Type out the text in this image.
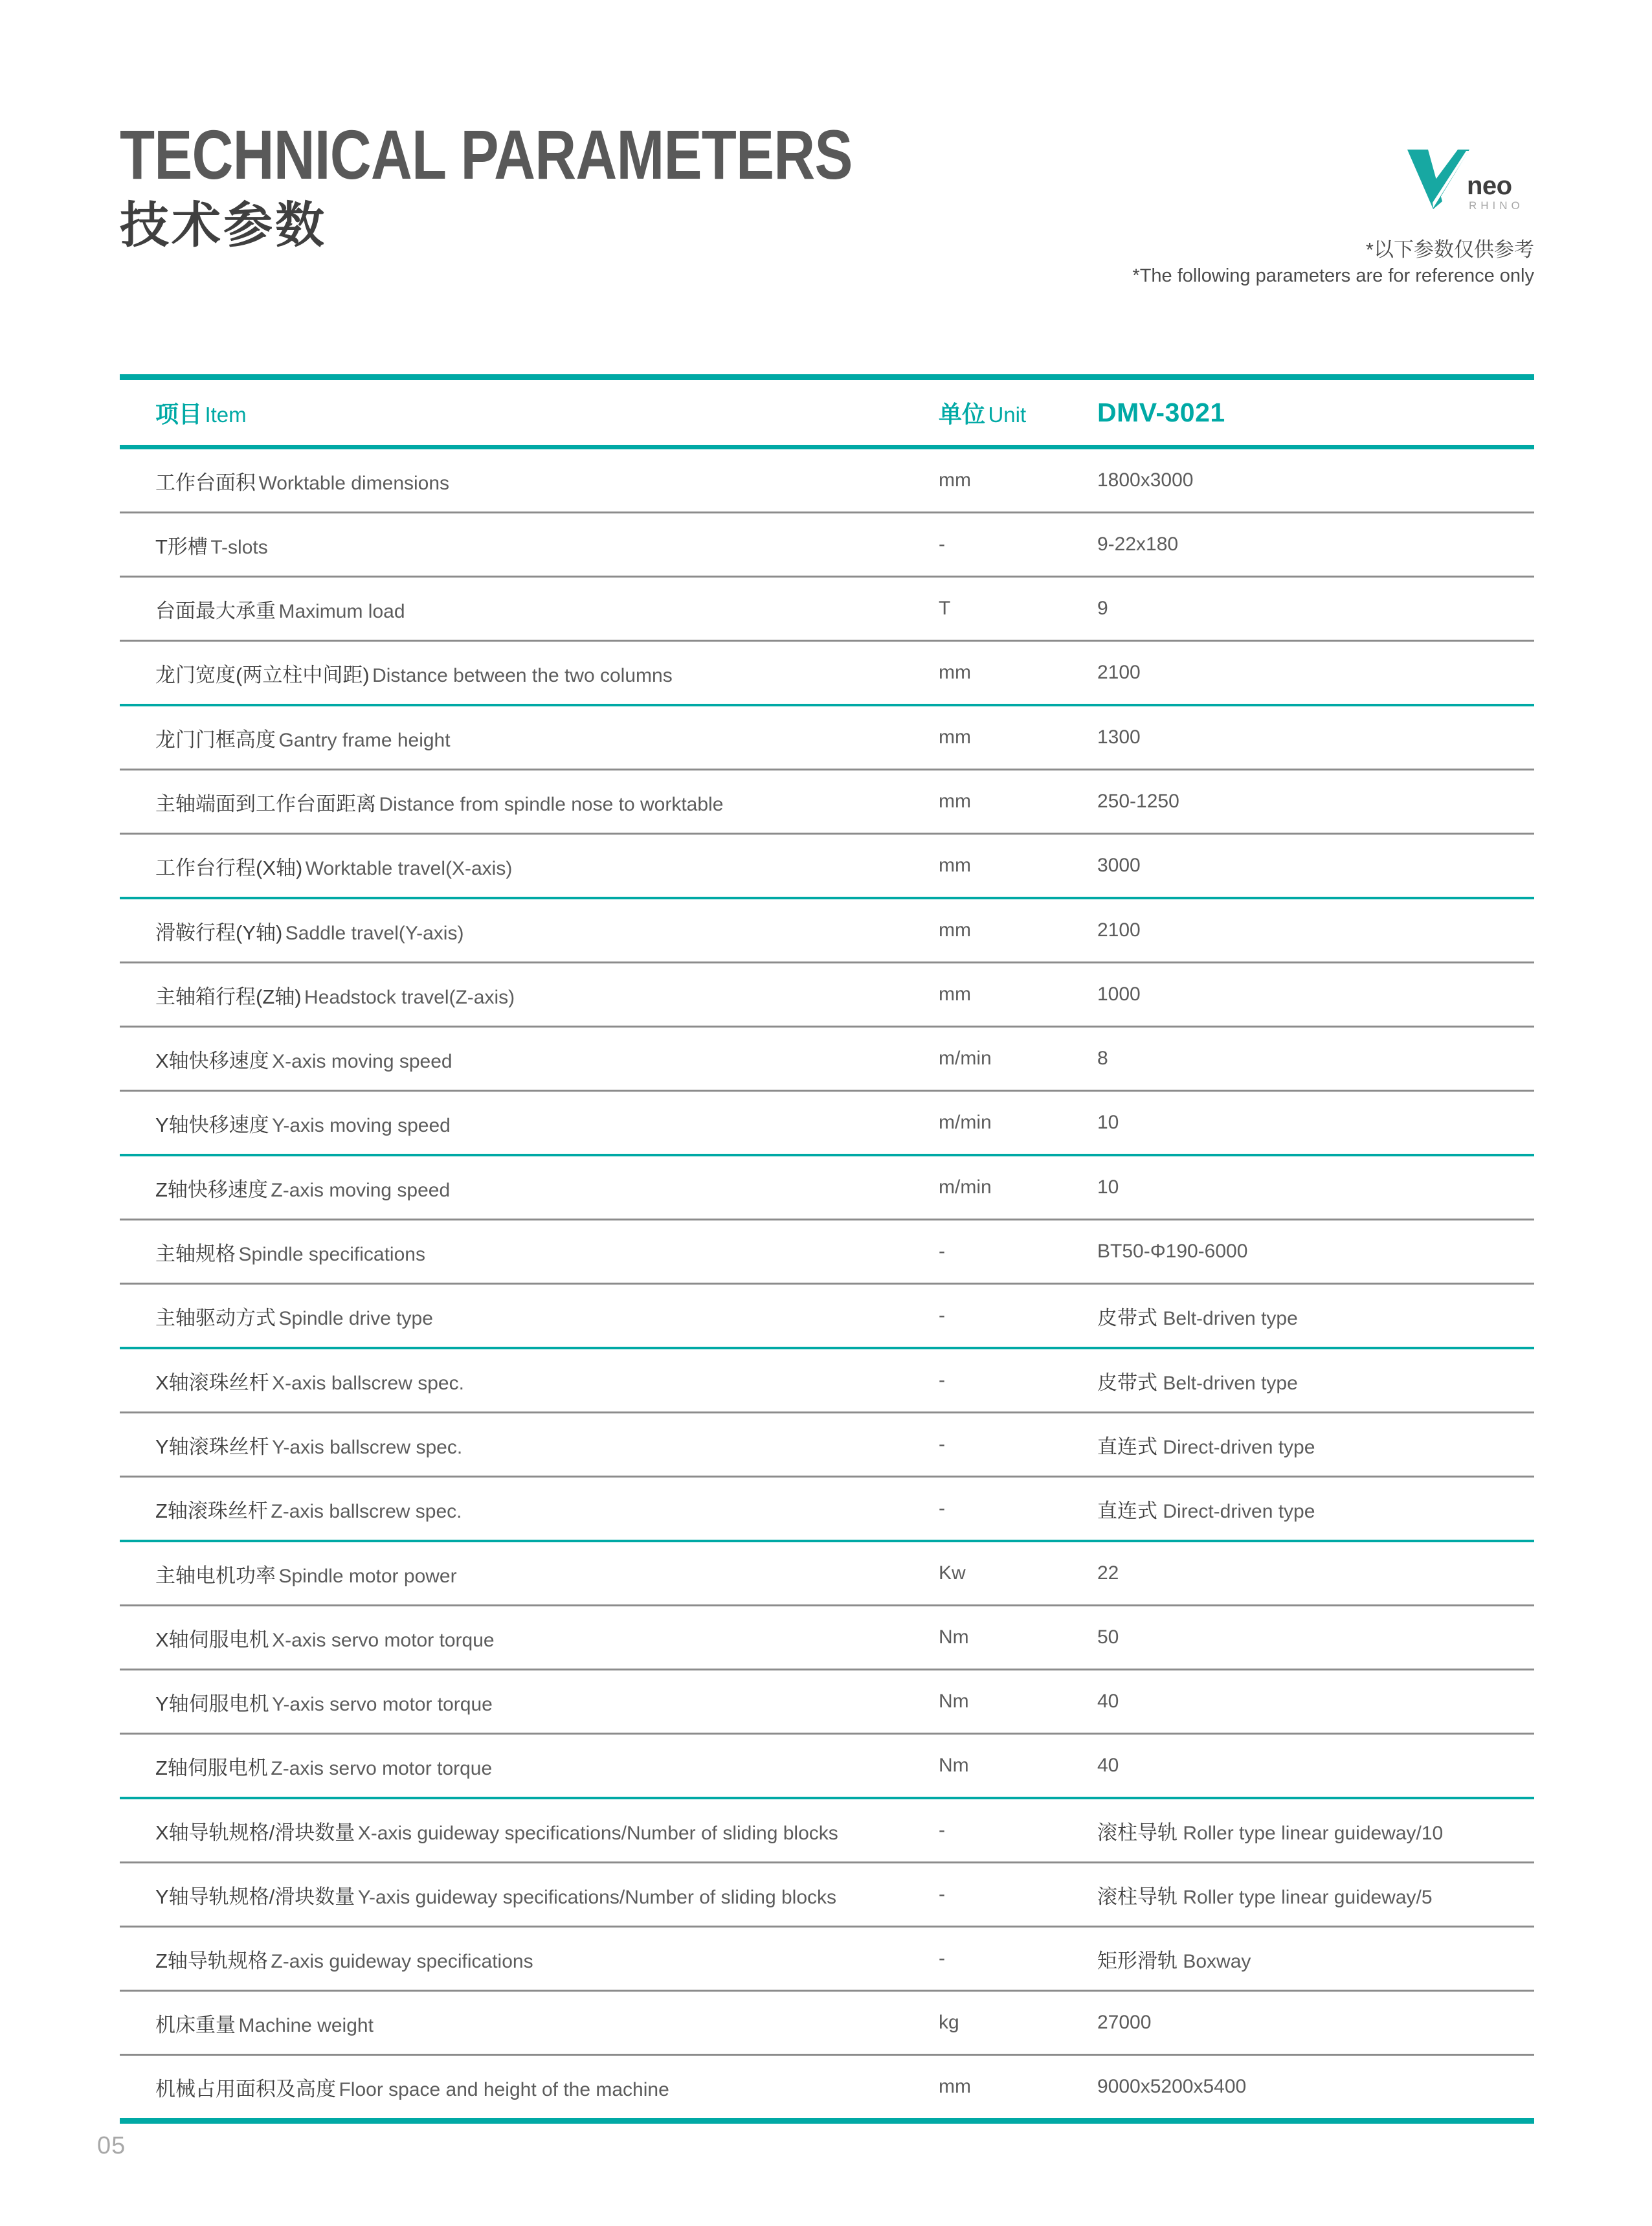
TECHNICAL PARAMETERS
技术参数
neo
RHINO
*以下参数仅供参考
*The following parameters are for reference only
项目 Item	单位 Unit	DMV-3021
工作台面积 Worktable dimensions	mm	1800x3000
T形槽 T-slots	-	9-22x180
台面最大承重 Maximum load	T	9
龙门宽度(两立柱中间距) Distance between the two columns	mm	2100
龙门门框高度 Gantry frame height	mm	1300
主轴端面到工作台面距离 Distance from spindle nose to worktable	mm	250-1250
工作台行程(X轴) Worktable travel(X-axis)	mm	3000
滑鞍行程(Y轴) Saddle travel(Y-axis)	mm	2100
主轴箱行程(Z轴) Headstock travel(Z-axis)	mm	1000
X轴快移速度 X-axis moving speed	m/min	8
Y轴快移速度 Y-axis moving speed	m/min	10
Z轴快移速度 Z-axis moving speed	m/min	10
主轴规格 Spindle specifications	-	BT50-Φ190-6000
主轴驱动方式 Spindle drive type	-	皮带式 Belt-driven type
X轴滚珠丝杆 X-axis ballscrew spec.	-	皮带式 Belt-driven type
Y轴滚珠丝杆 Y-axis ballscrew spec.	-	直连式 Direct-driven type
Z轴滚珠丝杆 Z-axis ballscrew spec.	-	直连式 Direct-driven type
主轴电机功率 Spindle motor power	Kw	22
X轴伺服电机 X-axis servo motor torque	Nm	50
Y轴伺服电机 Y-axis servo motor torque	Nm	40
Z轴伺服电机 Z-axis servo motor torque	Nm	40
X轴导轨规格/滑块数量 X-axis guideway specifications/Number of sliding blocks	-	滚柱导轨 Roller type linear guideway/10
Y轴导轨规格/滑块数量 Y-axis guideway specifications/Number of sliding blocks	-	滚柱导轨 Roller type linear guideway/5
Z轴导轨规格 Z-axis guideway specifications	-	矩形滑轨 Boxway
机床重量 Machine weight	kg	27000
机械占用面积及高度 Floor space and height of the machine	mm	9000x5200x5400
05
